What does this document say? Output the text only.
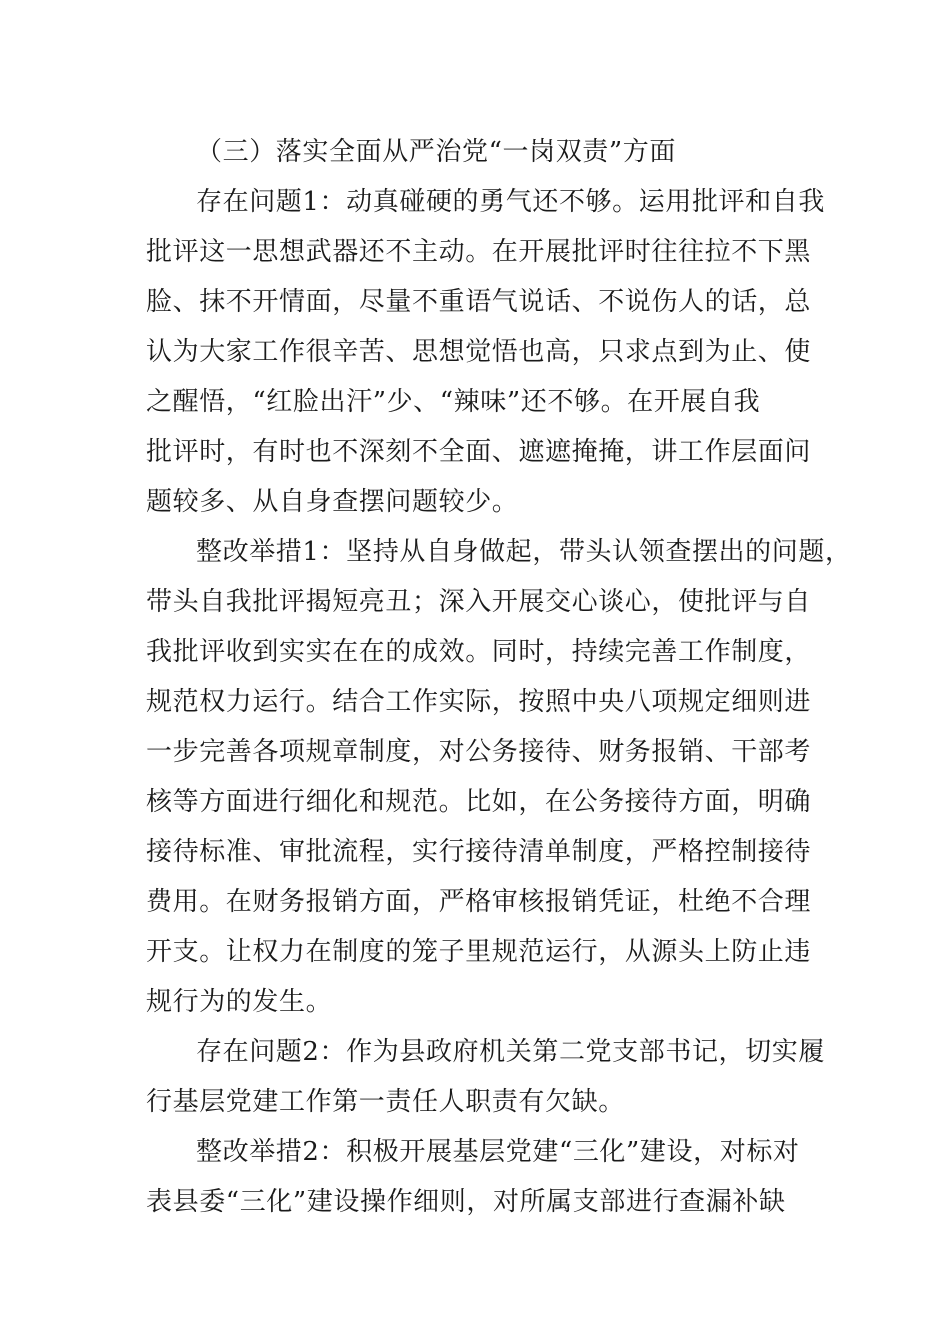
（三）落实全面从严治党“一岗双责”方面
存在问题1：动真碰硬的勇气还不够。运用批评和自我
批评这一思想武器还不主动。在开展批评时往往拉不下黑
脸、抹不开情面，尽量不重语气说话、不说伤人的话，总
认为大家工作很辛苦、思想觉悟也高，只求点到为止、使
之醒悟，“红脸出汗”少、“辣味”还不够。在开展自我
批评时，有时也不深刻不全面、遮遮掩掩，讲工作层面问
题较多、从自身查摆问题较少。
整改举措1：坚持从自身做起，带头认领查摆出的问题，
带头自我批评揭短亮丑；深入开展交心谈心，使批评与自
我批评收到实实在在的成效。同时，持续完善工作制度，
规范权力运行。结合工作实际，按照中央八项规定细则进
一步完善各项规章制度，对公务接待、财务报销、干部考
核等方面进行细化和规范。比如，在公务接待方面，明确
接待标准、审批流程，实行接待清单制度，严格控制接待
费用。在财务报销方面，严格审核报销凭证，杜绝不合理
开支。让权力在制度的笼子里规范运行，从源头上防止违
规行为的发生。
存在问题2：作为县政府机关第二党支部书记，切实履
行基层党建工作第一责任人职责有欠缺。
整改举措2：积极开展基层党建“三化”建设，对标对
表县委“三化”建设操作细则，对所属支部进行查漏补缺
